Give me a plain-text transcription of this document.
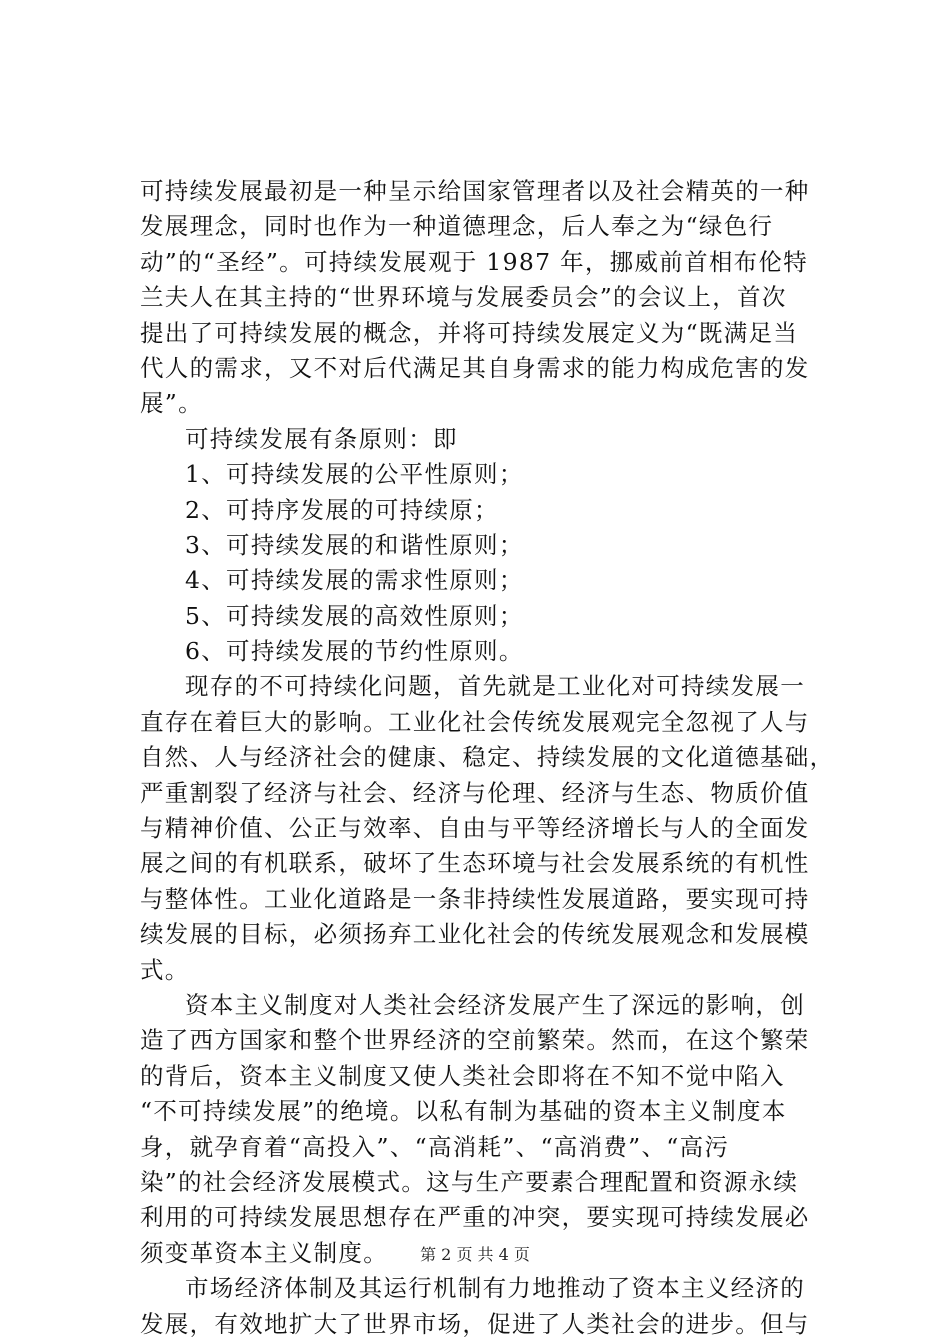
可持续发展最初是一种呈示给国家管理者以及社会精英的一种
发展理念，同时也作为一种道德理念，后人奉之为“绿色行
动”的“圣经”。可持续发展观于 1987 年，挪威前首相布伦特
兰夫人在其主持的“世界环境与发展委员会”的会议上，首次
提出了可持续发展的概念，并将可持续发展定义为“既满足当
代人的需求，又不对后代满足其自身需求的能力构成危害的发
展”。
可持续发展有条原则：即
1、可持续发展的公平性原则；
2、可持序发展的可持续原；
3、可持续发展的和谐性原则；
4、可持续发展的需求性原则；
5、可持续发展的高效性原则；
6、可持续发展的节约性原则。
现存的不可持续化问题，首先就是工业化对可持续发展一
直存在着巨大的影响。工业化社会传统发展观完全忽视了人与
自然、人与经济社会的健康、稳定、持续发展的文化道德基础，
严重割裂了经济与社会、经济与伦理、经济与生态、物质价值
与精神价值、公正与效率、自由与平等经济增长与人的全面发
展之间的有机联系，破坏了生态环境与社会发展系统的有机性
与整体性。工业化道路是一条非持续性发展道路，要实现可持
续发展的目标，必须扬弃工业化社会的传统发展观念和发展模
式。
资本主义制度对人类社会经济发展产生了深远的影响，创
造了西方国家和整个世界经济的空前繁荣。然而，在这个繁荣
的背后，资本主义制度又使人类社会即将在不知不觉中陷入
“不可持续发展”的绝境。以私有制为基础的资本主义制度本
身，就孕育着“高投入”、“高消耗”、“高消费”、“高污
染”的社会经济发展模式。这与生产要素合理配置和资源永续
利用的可持续发展思想存在严重的冲突，要实现可持续发展必
须变革资本主义制度。
市场经济体制及其运行机制有力地推动了资本主义经济的
发展，有效地扩大了世界市场，促进了人类社会的进步。但与
第 2 页 共 4 页
